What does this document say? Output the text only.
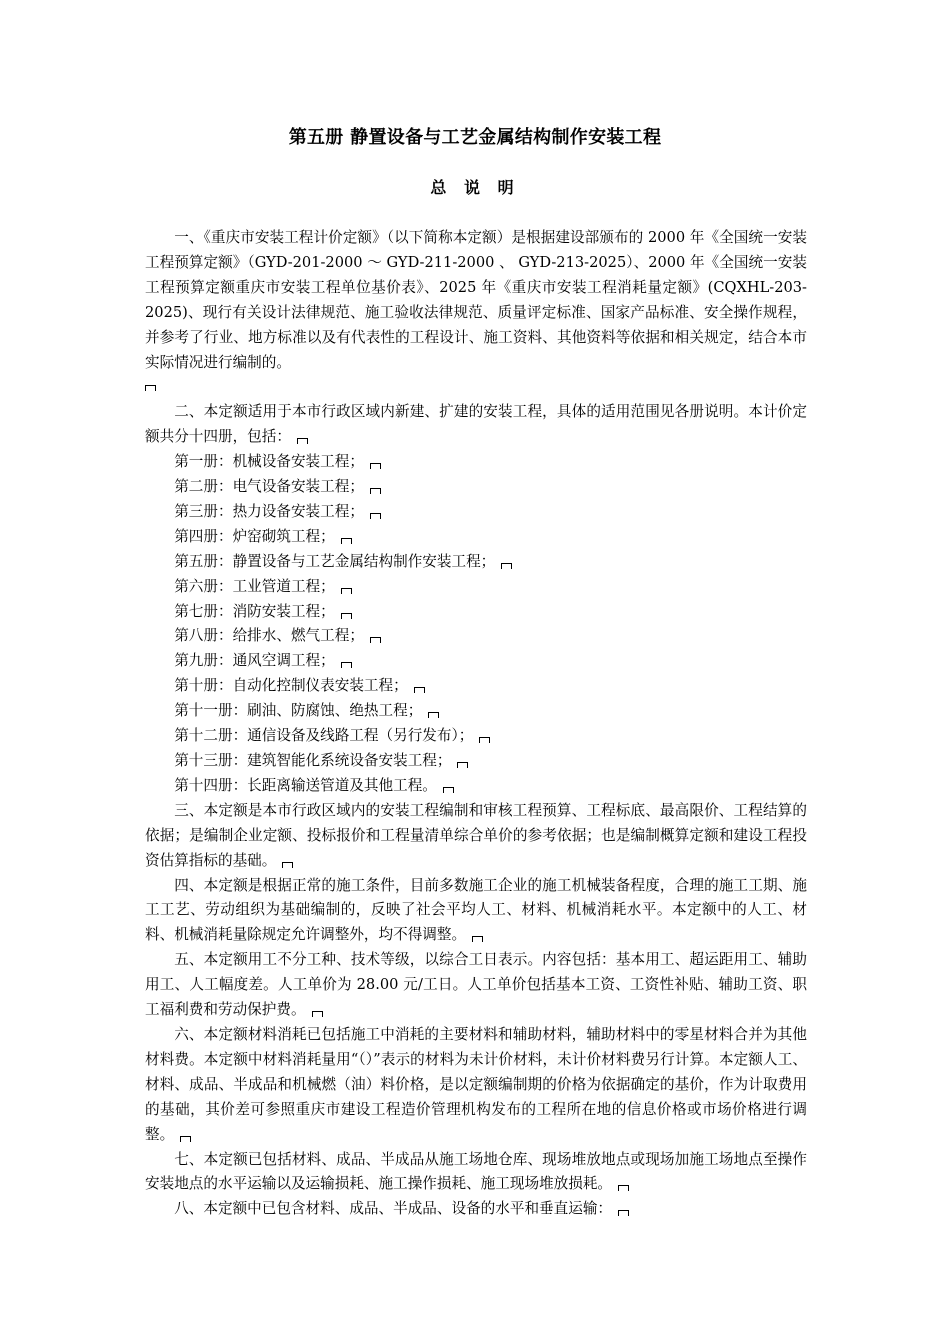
第五册 静置设备与工艺金属结构制作安装工程
总 说 明

一、《重庆市安装工程计价定额》（以下简称本定额）是根据建设部颁布的 2000 年《全国统一安装工程预算定额》（GYD-201-2000 ～ GYD-211-2000 、 GYD-213-2025）、2000 年《全国统一安装工程预算定额重庆市安装工程单位基价表》、2025 年《重庆市安装工程消耗量定额》(CQXHL-203-2025)、现行有关设计法律规范、施工验收法律规范、质量评定标准、国家产品标准、安全操作规程，并参考了行业、地方标准以及有代表性的工程设计、施工资料、其他资料等依据和相关规定，结合本市实际情况进行编制的。

二、本定额适用于本市行政区域内新建、扩建的安装工程，具体的适用范围见各册说明。本计价定额共分十四册，包括：

第一册：机械设备安装工程；

第二册：电气设备安装工程；

第三册：热力设备安装工程；

第四册：炉窑砌筑工程；

第五册：静置设备与工艺金属结构制作安装工程；

第六册：工业管道工程；

第七册：消防安装工程；

第八册：给排水、燃气工程；

第九册：通风空调工程；

第十册：自动化控制仪表安装工程；

第十一册：刷油、防腐蚀、绝热工程；

第十二册：通信设备及线路工程（另行发布）；

第十三册：建筑智能化系统设备安装工程；

第十四册：长距离输送管道及其他工程。

三、本定额是本市行政区域内的安装工程编制和审核工程预算、工程标底、最高限价、工程结算的依据；是编制企业定额、投标报价和工程量清单综合单价的参考依据；也是编制概算定额和建设工程投资估算指标的基础。

四、本定额是根据正常的施工条件，目前多数施工企业的施工机械装备程度，合理的施工工期、施工工艺、劳动组织为基础编制的，反映了社会平均人工、材料、机械消耗水平。本定额中的人工、材料、机械消耗量除规定允许调整外，均不得调整。

五、本定额用工不分工种、技术等级，以综合工日表示。内容包括：基本用工、超运距用工、辅助用工、人工幅度差。人工单价为 28.00 元/工日。人工单价包括基本工资、工资性补贴、辅助工资、职工福利费和劳动保护费。

六、本定额材料消耗已包括施工中消耗的主要材料和辅助材料，辅助材料中的零星材料合并为其他材料费。本定额中材料消耗量用“（）”表示的材料为未计价材料，未计价材料费另行计算。本定额人工、材料、成品、半成品和机械燃（油）料价格，是以定额编制期的价格为依据确定的基价，作为计取费用的基础，其价差可参照重庆市建设工程造价管理机构发布的工程所在地的信息价格或市场价格进行调整。

七、本定额已包括材料、成品、半成品从施工场地仓库、现场堆放地点或现场加施工场地点至操作安装地点的水平运输以及运输损耗、施工操作损耗、施工现场堆放损耗。

八、本定额中已包含材料、成品、半成品、设备的水平和垂直运输：
